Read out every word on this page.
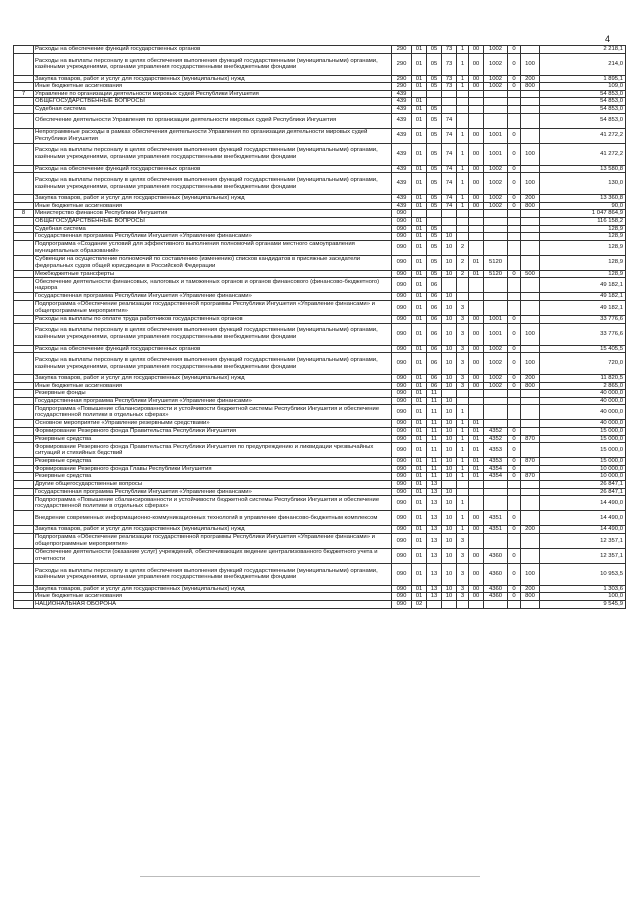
4
	Расходы на обеспечение функций государственных органов	290	01	05	73	1	00	1002	0		2 218,1
	Расходы на выплаты персоналу в целях обеспечения выполнения функций государственными (муниципальными) органами, казёнными учреждениями, органами управления государственными внебюджетными фондами	290	01	05	73	1	00	1002	0	100	214,0
	Закупка товаров, работ и услуг для государственных (муниципальных) нужд	290	01	05	73	1	00	1002	0	200	1 895,1
	Иные бюджетные ассигнования	290	01	05	73	1	00	1002	0	800	109,0
7	Управление по организации деятельности мировых судей Республики Ингушетия	439									54 853,0
	ОБЩЕГОСУДАРСТВЕННЫЕ ВОПРОСЫ	439	01								54 853,0
	Судебная система	439	01	05							54 853,0
	Обеспечение деятельности Управления по организации деятельности мировых судей Республики Ингушетия	439	01	05	74						54 853,0
	Непрограммные расходы в рамках обеспечения деятельности Управления по организации деятельности мировых судей Республики Ингушетия	439	01	05	74	1	00	1001	0		41 272,2
	Расходы на выплаты персоналу в целях обеспечения выполнения функций государственными (муниципальными) органами, казёнными учреждениями, органами управления государственными внебюджетными фондами	439	01	05	74	1	00	1001	0	100	41 272,2
	Расходы на обеспечение функций государственных органов	439	01	05	74	1	00	1002	0		13 580,8
	Расходы на выплаты персоналу в целях обеспечения выполнения функций государственными (муниципальными) органами, казёнными учреждениями, органами управления государственными внебюджетными фондами	439	01	05	74	1	00	1002	0	100	130,0
	Закупка товаров, работ и услуг для государственных (муниципальных) нужд	439	01	05	74	1	00	1002	0	200	13 360,8
	Иные бюджетные ассигнования	439	01	05	74	1	00	1002	0	800	90,0
8	Министерство финансов Республики Ингушетия	090									1 047 864,9
	ОБЩЕГОСУДАРСТВЕННЫЕ ВОПРОСЫ	090	01								116 158,2
	Судебная система	090	01	05							128,9
	Государственная программа Республики Ингушетия «Управление финансами»	090	01	05	10						128,9
	Подпрограмма «Создание условий для эффективного выполнения полномочий органами местного самоуправления муниципальных образований»	090	01	05	10	2					128,9
	Субвенции на осуществление полномочий по составлению (изменению) списков кандидатов в присяжные заседатели федеральных судов общей юрисдикции в Российской Федерации	090	01	05	10	2	01	5120			128,9
	Межбюджетные трансферты	090	01	05	10	2	01	5120	0	500	128,9
	Обеспечение деятельности финансовых, налоговых и таможенных органов и органов финансового (финансово-бюджетного) надзора	090	01	06							49 182,1
	Государственная программа Республики Ингушетия «Управление финансами»	090	01	06	10						49 182,1
	Подпрограмма «Обеспечение реализации государственной программы Республики Ингушетия «Управление финансами» и общепрограммные мероприятия»	090	01	06	10	3					49 182,1
	Расходы на выплаты по оплате труда работников государственных органов	090	01	06	10	3	00	1001	0		33 776,6
	Расходы на выплаты персоналу в целях обеспечения выполнения функций государственными (муниципальными) органами, казёнными учреждениями, органами управления государственными внебюджетными фондами	090	01	06	10	3	00	1001	0	100	33 776,6
	Расходы на обеспечение функций государственных органов	090	01	06	10	3	00	1002	0		15 405,5
	Расходы на выплаты персоналу в целях обеспечения выполнения функций государственными (муниципальными) органами, казёнными учреждениями, органами управления государственными внебюджетными фондами	090	01	06	10	3	00	1002	0	100	720,0
	Закупка товаров, работ и услуг для государственных (муниципальных) нужд	090	01	06	10	3	00	1002	0	200	11 820,5
	Иные бюджетные ассигнования	090	01	06	10	3	00	1002	0	800	2 865,0
	Резервные фонды	090	01	11							40 000,0
	Государственная программа Республики Ингушетия «Управление финансами»	090	01	11	10						40 000,0
	Подпрограмма «Повышение сбалансированности и устойчивости бюджетной системы Республики Ингушетия и обеспечение государственной политики в отдельных сферах»	090	01	11	10	1					40 000,0
	Основное мероприятие «Управление резервными средствами»	090	01	11	10	1	01				40 000,0
	Формирование Резервного фонда Правительства Республики Ингушетия	090	01	11	10	1	01	4352	0		15 000,0
	Резервные средства	090	01	11	10	1	01	4352	0	870	15 000,0
	Формирование Резервного фонда Правительства Республики Ингушетия по предупреждению и ликвидации чрезвычайных ситуаций и стихийных бедствий	090	01	11	10	1	01	4353	0		15 000,0
	Резервные средства	090	01	11	10	1	01	4353	0	870	15 000,0
	Формирование Резервного фонда Главы Республики Ингушетия	090	01	11	10	1	01	4354	0		10 000,0
	Резервные средства	090	01	11	10	1	01	4354	0	870	10 000,0
	Другие общегосударственные вопросы	090	01	13							26 847,1
	Государственная программа Республики Ингушетия «Управление финансами»	090	01	13	10						26 847,1
	Подпрограмма «Повышение сбалансированности и устойчивости бюджетной системы Республики Ингушетия и обеспечение государственной политики в отдельных сферах»	090	01	13	10	1					14 490,0
	Внедрение современных информационно-коммуникационных технологий в управление финансово-бюджетным комплексом	090	01	13	10	1	00	4351	0		14 490,0
	Закупка товаров, работ и услуг для государственных (муниципальных) нужд	090	01	13	10	1	00	4351	0	200	14 490,0
	Подпрограмма «Обеспечение реализации государственной программы Республики Ингушетия «Управление финансами» и общепрограммные мероприятия»	090	01	13	10	3					12 357,1
	Обеспечение деятельности (оказание услуг) учреждений, обеспечивающих ведение централизованного бюджетного учета и отчетности	090	01	13	10	3	00	4360	0		12 357,1
	Расходы на выплаты персоналу в целях обеспечения выполнения функций государственными (муниципальными) органами, казёнными учреждениями, органами управления государственными внебюджетными фондами	090	01	13	10	3	00	4360	0	100	10 953,5
	Закупка товаров, работ и услуг для государственных (муниципальных) нужд	090	01	13	10	3	00	4360	0	200	1 303,6
	Иные бюджетные ассигнования	090	01	13	10	3	00	4360	0	800	100,0
	НАЦИОНАЛЬНАЯ ОБОРОНА	090	02								9 545,9
